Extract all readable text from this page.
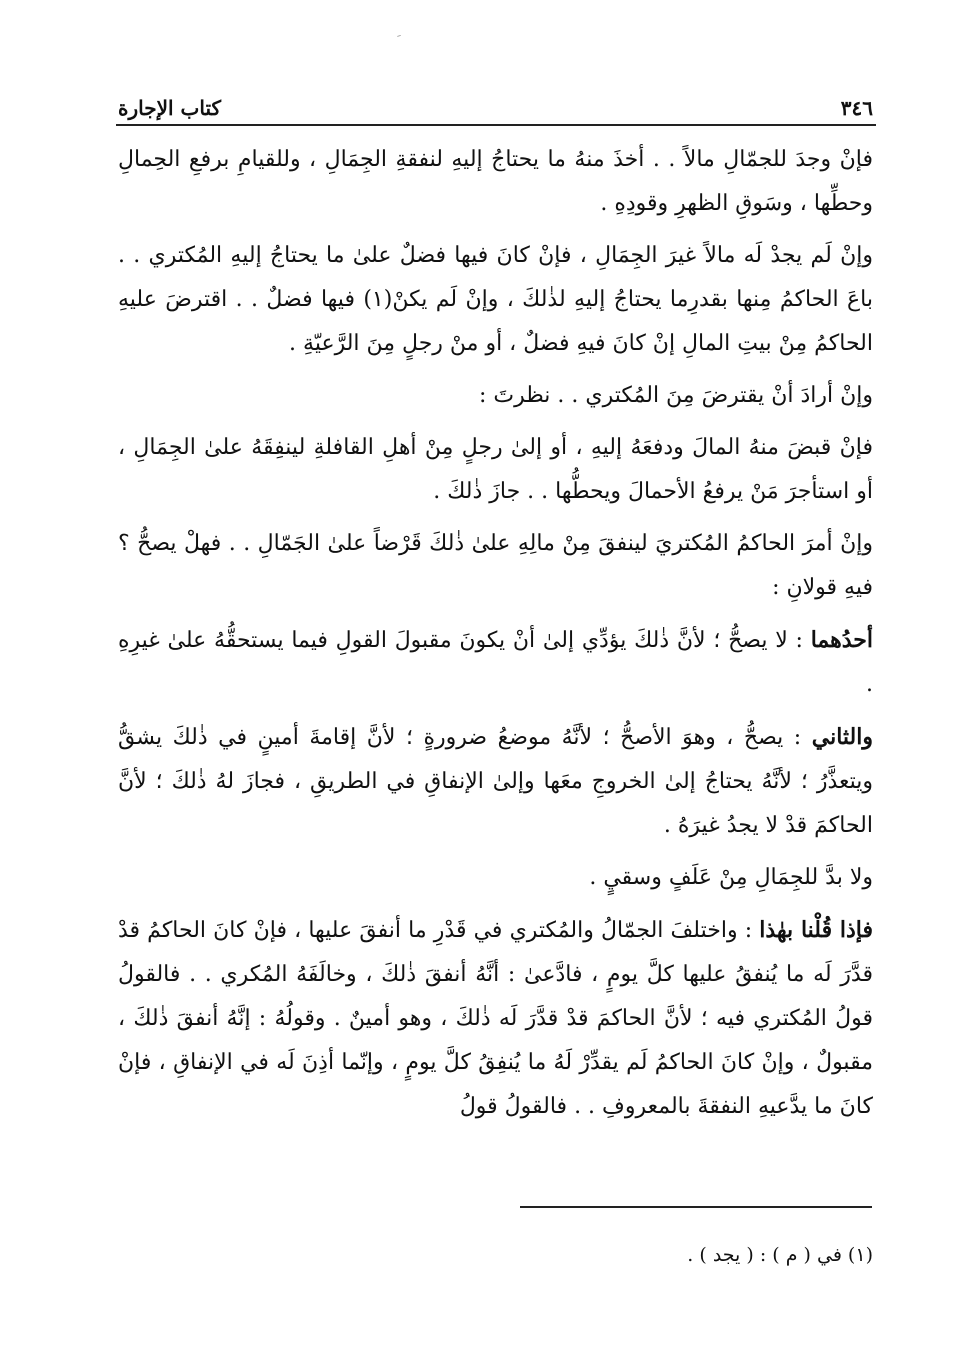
٣٤٦
كتاب الإجارة

فإنْ وجدَ للجمّالِ مالاً . . أخذَ منهُ ما يحتاجُ إليهِ لنفقةِ الجِمَالِ ، وللقيامِ برفعِ الحِمالِ وحطِّها ، وسَوقِ الظهرِ وقودِهِ .

وإنْ لَم يجدْ لَه مالاً غيرَ الجِمَالِ ، فإنْ كانَ فيها فضلٌ علىٰ ما يحتاجُ إليهِ المُكتري . . باعَ الحاكمُ مِنها بقدرِما يحتاجُ إليهِ لذٰلكَ ، وإنْ لَم يكنْ(١) فيها فضلٌ . . اقترضَ عليهِ الحاكمُ مِنْ بيتِ المالِ إنْ كانَ فيهِ فضلٌ ، أو منْ رجلٍ مِنَ الرَّعيّةِ .

وإنْ أرادَ أنْ يقترضَ مِنَ المُكتري . . نظرتَ :

فإنْ قبضَ منهُ المالَ ودفعَهُ إليهِ ، أو إلىٰ رجلٍ مِنْ أهلِ القافلةِ لينفِقَهُ علىٰ الجِمَالِ ، أو استأجرَ مَنْ يرفعُ الأحمالَ ويحطُّها . . جازَ ذٰلكَ .

وإنْ أمرَ الحاكمُ المُكتريَ لينفقَ مِنْ مالِهِ علىٰ ذٰلكَ قَرْضاً علىٰ الجَمّالِ . . فهلْ يصحُّ ؟ فيهِ قولانِ :

أحدُهما : لا يصحُّ ؛ لأنَّ ذٰلكَ يؤدِّي إلىٰ أنْ يكونَ مقبولَ القولِ فيما يستحقُّهُ علىٰ غيرِهِ .

والثاني : يصحُّ ، وهوَ الأصحُّ ؛ لأنَّهُ موضعُ ضرورةٍ ؛ لأنَّ إقامةَ أمينٍ في ذٰلكَ يشقُّ ويتعذَّرُ ؛ لأنَّهُ يحتاجُ إلىٰ الخروجِ معَها وإلىٰ الإنفاقِ في الطريقِ ، فجازَ لهُ ذٰلكَ ؛ لأنَّ الحاكمَ قدْ لا يجدُ غيرَهُ .

ولا بدَّ للجِمَالِ مِنْ عَلَفٍ وسقيٍ .

فإذا قُلْنا بهٰذا : واختلفَ الجمّالُ والمُكتري في قَدْرِ ما أنفقَ عليها ، فإنْ كانَ الحاكمُ قدْ قدَّرَ لَه ما يُنفقُ عليها كلَّ يومٍ ، فادَّعىٰ : أنَّهُ أنفقَ ذٰلكَ ، وخالَفَهُ المُكري . . فالقولُ قولُ المُكتري فيه ؛ لأنَّ الحاكمَ قدْ قدَّرَ لَه ذٰلكَ ، وهو أمينٌ . وقولُهُ : إنَّهُ أنفقَ ذٰلكَ ، مقبولٌ ، وإنْ كانَ الحاكمُ لَم يقدِّرْ لَهُ ما يُنفِقُ كلَّ يومٍ ، وإنّما أذِنَ لَه في الإنفاقِ ، فإنْ كانَ ما يدَّعيهِ النفقةَ بالمعروفِ . . فالقولُ قولُ

(١) في ( م ) : ( يجد ) .
